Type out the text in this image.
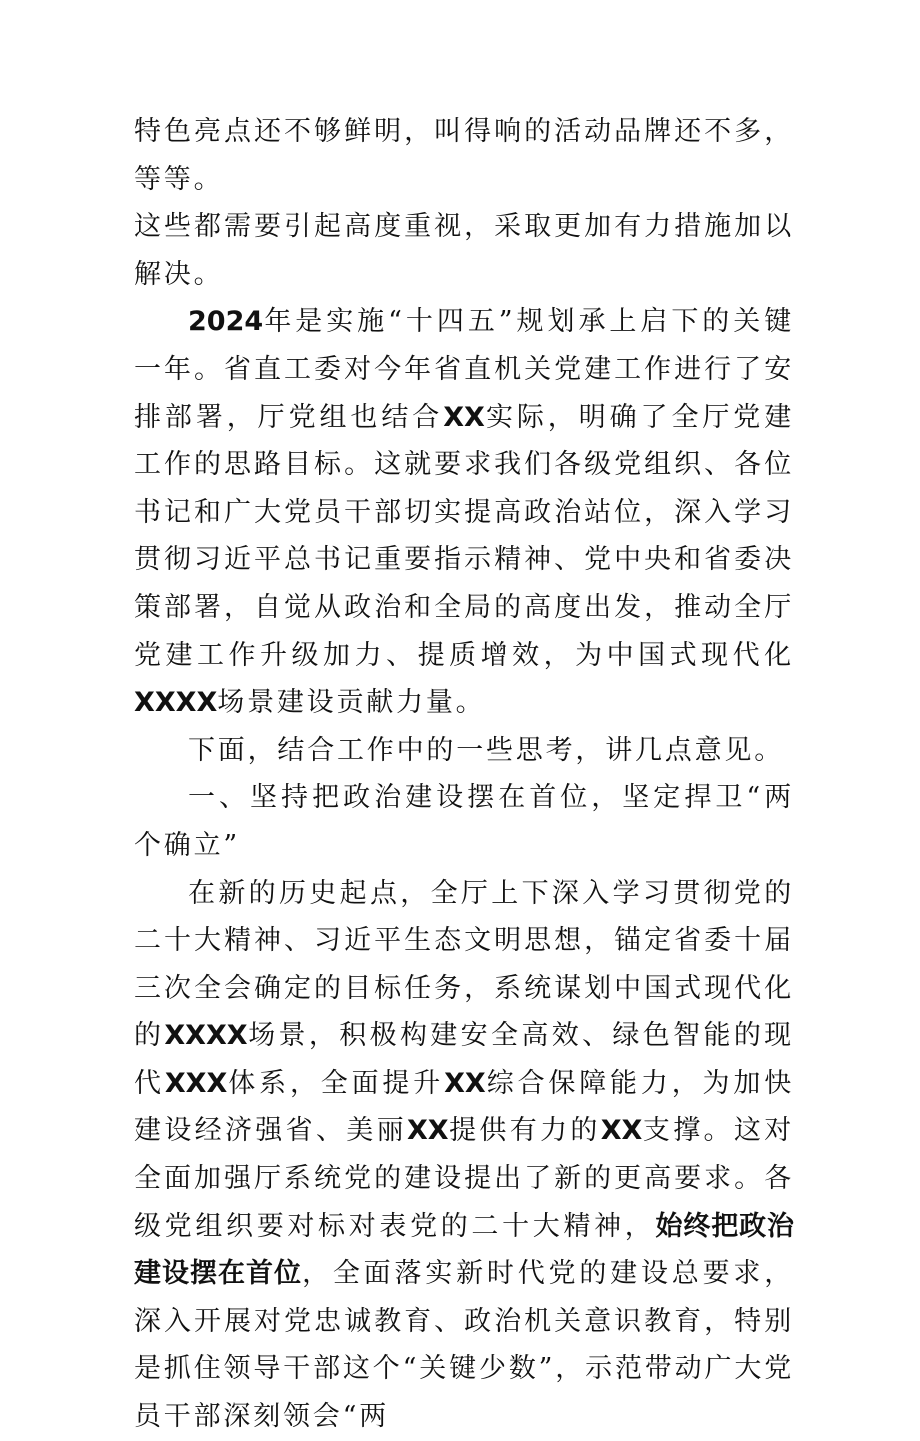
特色亮点还不够鲜明，叫得响的活动品牌还不多，等等。
这些都需要引起高度重视，采取更加有力措施加以解决。

2024年是实施“十四五”规划承上启下的关键一年。省直工委对今年省直机关党建工作进行了安排部署，厅党组也结合XX实际，明确了全厅党建工作的思路目标。这就要求我们各级党组织、各位书记和广大党员干部切实提高政治站位，深入学习贯彻习近平总书记重要指示精神、党中央和省委决策部署，自觉从政治和全局的高度出发，推动全厅党建工作升级加力、提质增效，为中国式现代化XXXX场景建设贡献力量。

下面，结合工作中的一些思考，讲几点意见。

一、坚持把政治建设摆在首位，坚定捍卫“两个确立”

在新的历史起点，全厅上下深入学习贯彻党的二十大精神、习近平生态文明思想，锚定省委十届三次全会确定的目标任务，系统谋划中国式现代化的XXXX场景，积极构建安全高效、绿色智能的现代XXX体系，全面提升XX综合保障能力，为加快建设经济强省、美丽XX提供有力的XX支撑。这对全面加强厅系统党的建设提出了新的更高要求。各级党组织要对标对表党的二十大精神，始终把政治建设摆在首位，全面落实新时代党的建设总要求，深入开展对党忠诚教育、政治机关意识教育，特别是抓住领导干部这个“关键少数”，示范带动广大党员干部深刻领会“两
